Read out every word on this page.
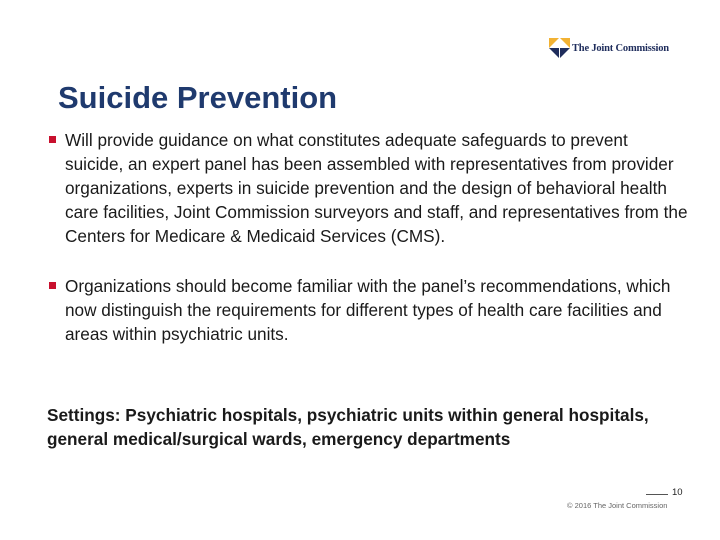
The Joint Commission
Suicide Prevention
Will provide guidance on what constitutes adequate safeguards to prevent suicide, an expert panel has been assembled with representatives from provider organizations, experts in suicide prevention and the design of behavioral health care facilities, Joint Commission surveyors and staff, and representatives from the Centers for Medicare & Medicaid Services (CMS).
Organizations should become familiar with the panel’s recommendations, which now distinguish the requirements for different types of health care facilities and areas within psychiatric units.

Settings: Psychiatric hospitals, psychiatric units within general hospitals, general medical/surgical wards, emergency departments

10
© 2016 The Joint Commission
